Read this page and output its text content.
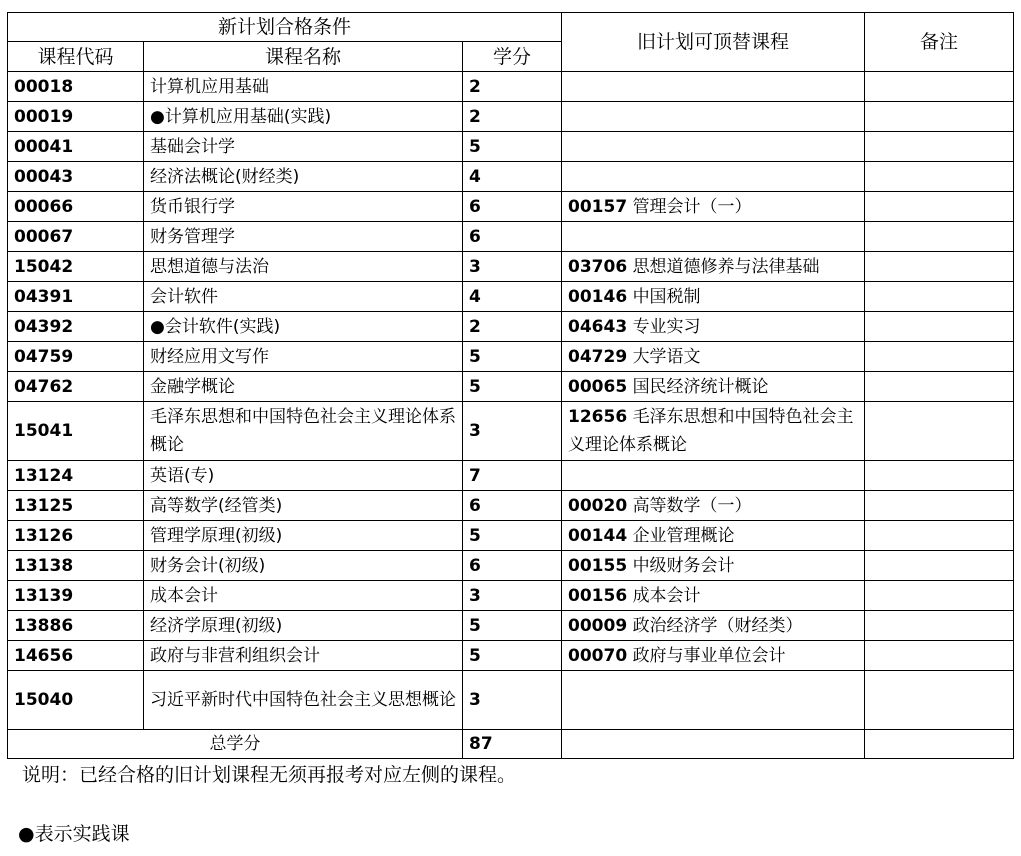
新计划合格条件			旧计划可顶替课程	备注
课程代码	课程名称	学分		
00018	计算机应用基础	2		
00019	●计算机应用基础(实践)	2		
00041	基础会计学	5		
00043	经济法概论(财经类)	4		
00066	货币银行学	6	00157 管理会计（一）	
00067	财务管理学	6		
15042	思想道德与法治	3	03706 思想道德修养与法律基础	
04391	会计软件	4	00146 中国税制	
04392	●会计软件(实践)	2	04643 专业实习	
04759	财经应用文写作	5	04729 大学语文	
04762	金融学概论	5	00065 国民经济统计概论	
15041	毛泽东思想和中国特色社会主义理论体系概论	3	12656 毛泽东思想和中国特色社会主义理论体系概论	
13124	英语(专)	7		
13125	高等数学(经管类)	6	00020 高等数学（一）	
13126	管理学原理(初级)	5	00144 企业管理概论	
13138	财务会计(初级)	6	00155 中级财务会计	
13139	成本会计	3	00156 成本会计	
13886	经济学原理(初级)	5	00009 政治经济学（财经类）	
14656	政府与非营利组织会计	5	00070 政府与事业单位会计	
15040	习近平新时代中国特色社会主义思想概论	3		
总学分		87		
说明：已经合格的旧计划课程无须再报考对应左侧的课程。
●表示实践课
